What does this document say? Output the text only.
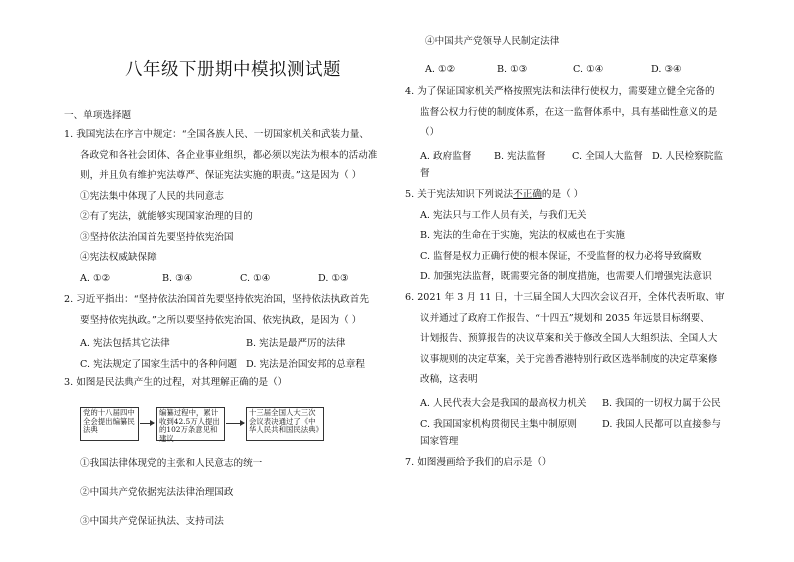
八年级下册期中模拟测试题
一、单项选择题
1. 我国宪法在序言中规定：“全国各族人民、一切国家机关和武装力量、
各政党和各社会团体、各企业事业组织，都必须以宪法为根本的活动准
则，并且负有维护宪法尊严、保证宪法实施的职责。”这是因为（ ）
①宪法集中体现了人民的共同意志
②有了宪法，就能够实现国家治理的目的
③坚持依法治国首先要坚持依宪治国
④宪法权威缺保障
A. ①②	B. ③④	C. ①④	D. ①③
2. 习近平指出：“坚持依法治国首先要坚持依宪治国，坚持依法执政首先
要坚持依宪执政。”之所以要坚持依宪治国、依宪执政，是因为（ ）
A. 宪法包括其它法律	B. 宪法是最严厉的法律
C. 宪法规定了国家生活中的各种问题 D. 宪法是治国安邦的总章程
3. 如图是民法典产生的过程，对其理解正确的是（）
党的十八届四中全会提出编纂民法典
编纂过程中，累计收到42.5万人提出的102万条意见和建议
十三届全国人大三次会议表决通过了《中华人民共和国民法典》
①我国法律体现党的主张和人民意志的统一
②中国共产党依据宪法法律治理国政
③中国共产党保证执法、支持司法
④中国共产党领导人民制定法律
A. ①②	B. ①③	C. ①④	D. ③④
4. 为了保证国家机关严格按照宪法和法律行使权力，需要建立健全完备的
监督公权力行使的制度体系，在这一监督体系中，具有基础性意义的是
（）
A. 政府监督 B. 宪法监督	C. 全国人大监督 D. 人民检察院监
督
5. 关于宪法知识下列说法不正确的是（ ）
A. 宪法只与工作人员有关，与我们无关
B. 宪法的生命在于实施，宪法的权威也在于实施
C. 监督是权力正确行使的根本保证，不受监督的权力必将导致腐败
D. 加强宪法监督，既需要完备的制度措施，也需要人们增强宪法意识
6. 2021 年 3 月 11 日，十三届全国人大四次会议召开，全体代表听取、审
议并通过了政府工作报告、“十四五”规划和 2035 年远景目标纲要、
计划报告、预算报告的决议草案和关于修改全国人大组织法、全国人大
议事规则的决定草案，关于完善香港特别行政区选举制度的决定草案修
改稿，这表明
A. 人民代表大会是我国的最高权力机关 B. 我国的一切权力属于公民
C. 我国国家机构贯彻民主集中制原则	D. 我国人民都可以直接参与
国家管理
7. 如图漫画给予我们的启示是（）
